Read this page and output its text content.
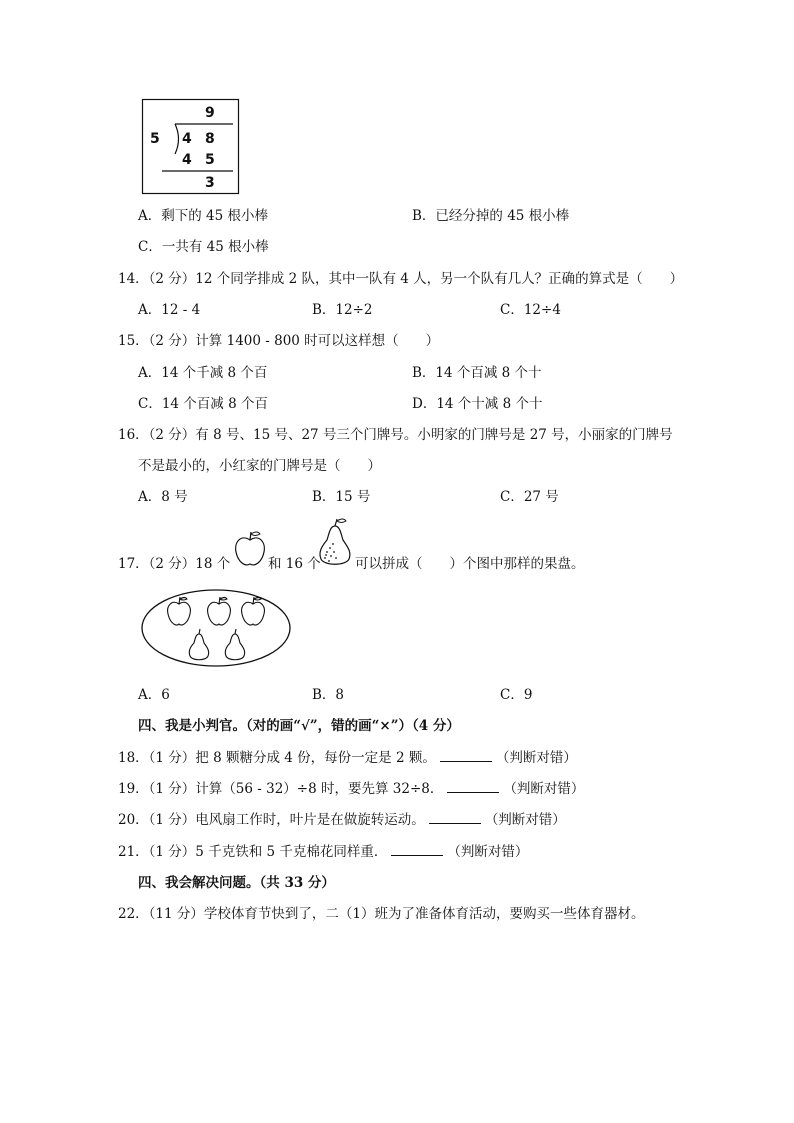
9
5 4 8
4 5
3
A．剩下的 45 根小棒	B．已经分掉的 45 根小棒
C．一共有 45 根小棒
14．（2 分）12 个同学排成 2 队，其中一队有 4 人，另一个队有几人？正确的算式是（　　）
A．12 - 4	B．12÷2	C．12÷4
15．（2 分）计算 1400 - 800 时可以这样想（　　）
A．14 个千减 8 个百	B．14 个百减 8 个十
C．14 个百减 8 个百	D．14 个十减 8 个十
16．（2 分）有 8 号、15 号、27 号三个门牌号。小明家的门牌号是 27 号，小丽家的门牌号
不是最小的，小红家的门牌号是（　　）
A．8 号	B．15 号	C．27 号
17．（2 分）18 个	和 16 个	可以拼成（　　）个图中那样的果盘。
A．6	B．8	C．9
四、我是小判官。（对的画“√”，错的画“×”）（4 分）
18．（1 分）把 8 颗糖分成 4 份，每份一定是 2 颗。	（判断对错）
19．（1 分）计算（56 - 32）÷8 时，要先算 32÷8．	（判断对错）
20．（1 分）电风扇工作时，叶片是在做旋转运动。	（判断对错）
21．（1 分）5 千克铁和 5 千克棉花同样重．	（判断对错）
四、我会解决问题。（共 33 分）
22．（11 分）学校体育节快到了，二（1）班为了准备体育活动，要购买一些体育器材。
